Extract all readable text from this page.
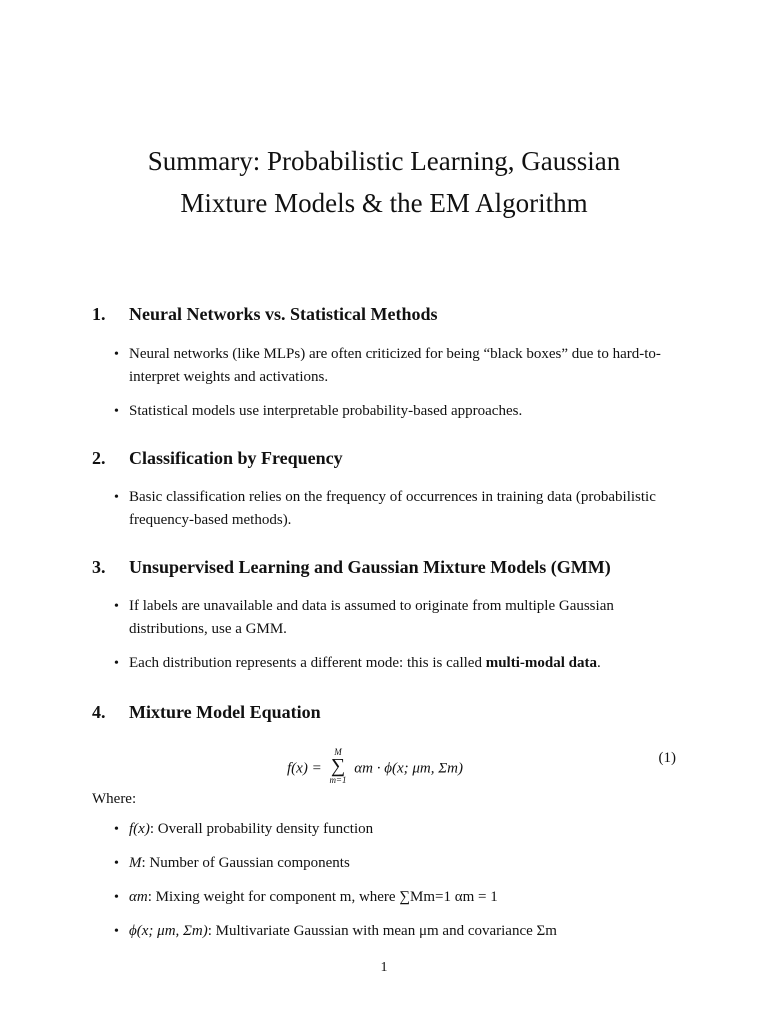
Summary: Probabilistic Learning, Gaussian
Mixture Models & the EM Algorithm
1.	Neural Networks vs. Statistical Methods
• Neural networks (like MLPs) are often criticized for being “black boxes” due to hard-to-interpret weights and activations.
• Statistical models use interpretable probability-based approaches.
2.	Classification by Frequency
• Basic classification relies on the frequency of occurrences in training data (probabilistic frequency-based methods).
3.	Unsupervised Learning and Gaussian Mixture Models (GMM)
• If labels are unavailable and data is assumed to originate from multiple Gaussian distributions, use a GMM.
• Each distribution represents a different mode: this is called multi-modal data.
4.	Mixture Model Equation
f(x) =
M
∑
m=1
αm · ϕ(x; μm, Σm)
(1)
Where:
• f(x): Overall probability density function
• M: Number of Gaussian components
• αm: Mixing weight for component m, where ∑Mm=1 αm = 1
• ϕ(x; μm, Σm): Multivariate Gaussian with mean μm and covariance Σm
1
